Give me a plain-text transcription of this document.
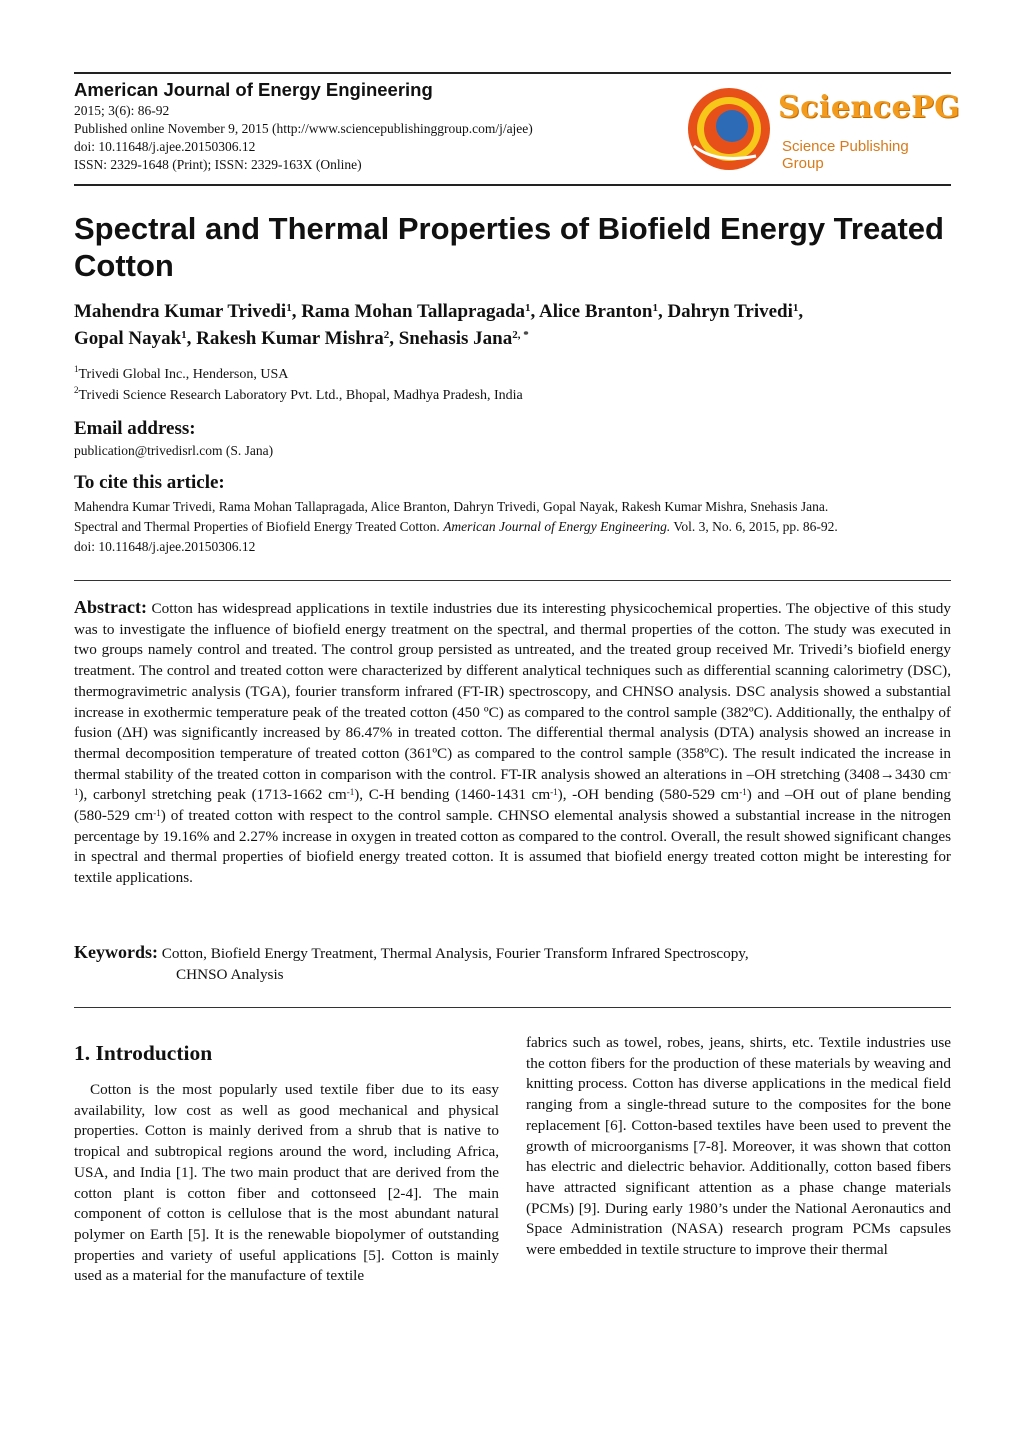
American Journal of Energy Engineering
2015; 3(6): 86-92
Published online November 9, 2015 (http://www.sciencepublishinggroup.com/j/ajee)
doi: 10.11648/j.ajee.20150306.12
ISSN: 2329-1648 (Print); ISSN: 2329-163X (Online)
SciencePG
Science Publishing Group
Spectral and Thermal Properties of Biofield Energy Treated Cotton
Mahendra Kumar Trivedi$^1$, Rama Mohan Tallapragada$^1$, Alice Branton$^1$, Dahryn Trivedi$^1$,
Gopal Nayak$^1$, Rakesh Kumar Mishra$^2$, Snehasis Jana$^{2, *}$
$^1$Trivedi Global Inc., Henderson, USA
$^2$Trivedi Science Research Laboratory Pvt. Ltd., Bhopal, Madhya Pradesh, India
Email address:
publication@trivedisrl.com (S. Jana)
To cite this article:
Mahendra Kumar Trivedi, Rama Mohan Tallapragada, Alice Branton, Dahryn Trivedi, Gopal Nayak, Rakesh Kumar Mishra, Snehasis Jana.
Spectral and Thermal Properties of Biofield Energy Treated Cotton. American Journal of Energy Engineering. Vol. 3, No. 6, 2015, pp. 86-92.
doi: 10.11648/j.ajee.20150306.12
Abstract: Cotton has widespread applications in textile industries due its interesting physicochemical properties. The objective of this study was to investigate the influence of biofield energy treatment on the spectral, and thermal properties of the cotton. The study was executed in two groups namely control and treated. The control group persisted as untreated, and the treated group received Mr. Trivedi’s biofield energy treatment. The control and treated cotton were characterized by different analytical techniques such as differential scanning calorimetry (DSC), thermogravimetric analysis (TGA), fourier transform infrared (FT-IR) spectroscopy, and CHNSO analysis. DSC analysis showed a substantial increase in exothermic temperature peak of the treated cotton (450 ºC) as compared to the control sample (382ºC). Additionally, the enthalpy of fusion (ΔH) was significantly increased by 86.47% in treated cotton. The differential thermal analysis (DTA) analysis showed an increase in thermal decomposition temperature of treated cotton (361ºC) as compared to the control sample (358ºC). The result indicated the increase in thermal stability of the treated cotton in comparison with the control. FT-IR analysis showed an alterations in –OH stretching (3408→3430 $cm^{-1}$), carbonyl stretching peak (1713-1662 $cm^{-1}$), C-H bending (1460-1431 $cm^{-1}$), -OH bending (580-529 $cm^{-1}$) and –OH out of plane bending (580-529 $cm^{-1}$) of treated cotton with respect to the control sample. CHNSO elemental analysis showed a substantial increase in the nitrogen percentage by 19.16% and 2.27% increase in oxygen in treated cotton as compared to the control. Overall, the result showed significant changes in spectral and thermal properties of biofield energy treated cotton. It is assumed that biofield energy treated cotton might be interesting for textile applications.
Keywords: Cotton, Biofield Energy Treatment, Thermal Analysis, Fourier Transform Infrared Spectroscopy,
CHNSO Analysis
1. Introduction
Cotton is the most popularly used textile fiber due to its easy availability, low cost as well as good mechanical and physical properties. Cotton is mainly derived from a shrub that is native to tropical and subtropical regions around the word, including Africa, USA, and India [1]. The two main product that are derived from the cotton plant is cotton fiber and cottonseed [2-4]. The main component of cotton is cellulose that is the most abundant natural polymer on Earth [5]. It is the renewable biopolymer of outstanding properties and variety of useful applications [5]. Cotton is mainly used as a material for the manufacture of textile
fabrics such as towel, robes, jeans, shirts, etc. Textile industries use the cotton fibers for the production of these materials by weaving and knitting process. Cotton has diverse applications in the medical field ranging from a single-thread suture to the composites for the bone replacement [6]. Cotton-based textiles have been used to prevent the growth of microorganisms [7-8]. Moreover, it was shown that cotton has electric and dielectric behavior. Additionally, cotton based fibers have attracted significant attention as a phase change materials (PCMs) [9]. During early 1980’s under the National Aeronautics and Space Administration (NASA) research program PCMs capsules were embedded in textile structure to improve their thermal
